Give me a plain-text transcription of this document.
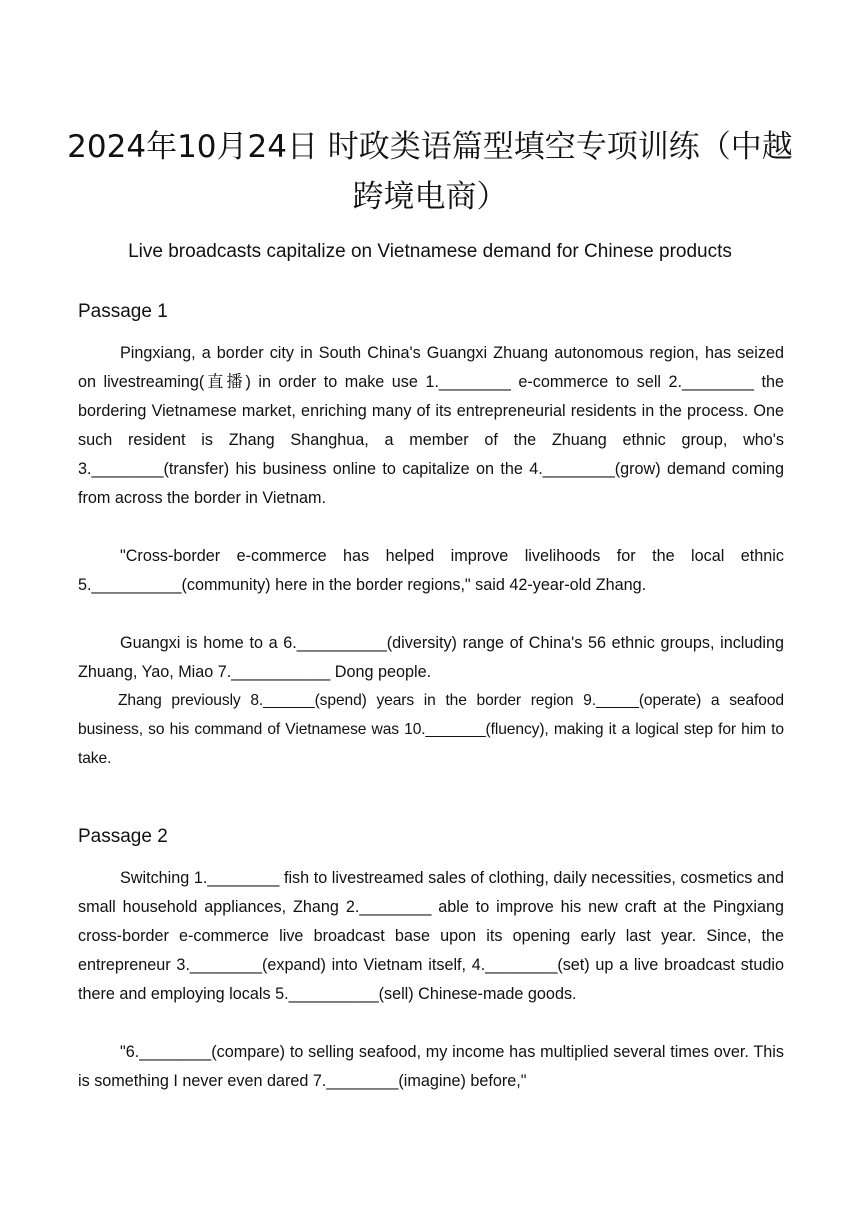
2024年10月24日 时政类语篇型填空专项训练（中越跨境电商）
Live broadcasts capitalize on Vietnamese demand for Chinese products
Passage 1

Pingxiang, a border city in South China's Guangxi Zhuang autonomous region, has seized on livestreaming(直播) in order to make use 1.________ e-commerce to sell 2.________ the bordering Vietnamese market, enriching many of its entrepreneurial residents in the process. One such resident is Zhang Shanghua, a member of the Zhuang ethnic group, who's 3.________(transfer) his business online to capitalize on the 4.________(grow) demand coming from across the border in Vietnam.

"Cross-border e-commerce has helped improve livelihoods for the local ethnic 5.__________(community) here in the border regions," said 42-year-old Zhang.

Guangxi is home to a 6.__________(diversity) range of China's 56 ethnic groups, including Zhuang, Yao, Miao 7.___________ Dong people.

Zhang previously 8.______(spend) years in the border region 9._____(operate) a seafood business, so his command of Vietnamese was 10._______(fluency), making it a logical step for him to take.

Passage 2

Switching 1.________ fish to livestreamed sales of clothing, daily necessities, cosmetics and small household appliances, Zhang 2.________ able to improve his new craft at the Pingxiang cross-border e-commerce live broadcast base upon its opening early last year. Since, the entrepreneur 3.________(expand) into Vietnam itself, 4.________(set) up a live broadcast studio there and employing locals 5.__________(sell) Chinese-made goods.

"6.________(compare) to selling seafood, my income has multiplied several times over. This is something I never even dared 7.________(imagine) before,"
